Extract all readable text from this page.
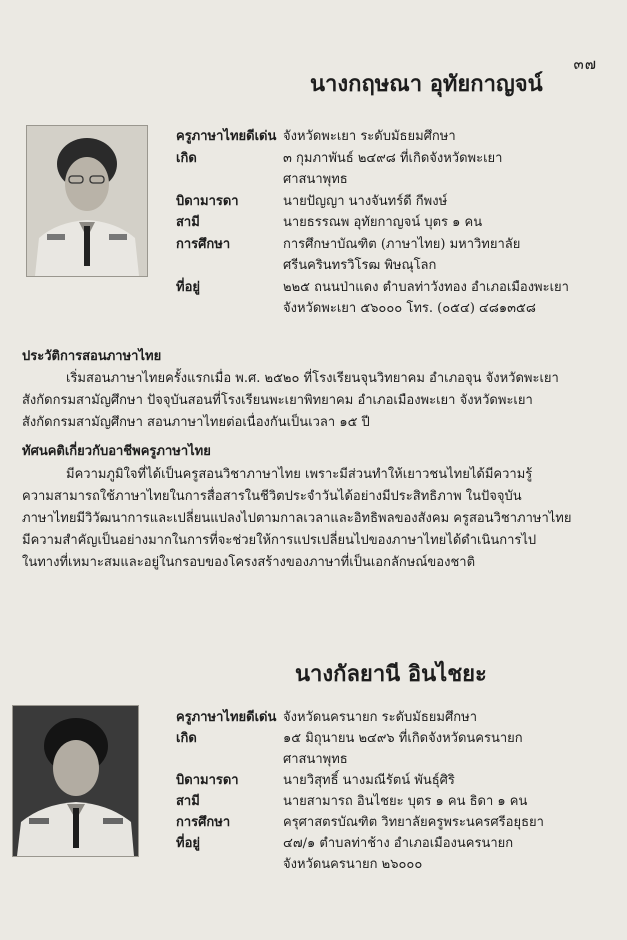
๓๗
นางกฤษณา อุทัยกาญจน์
ครูภาษาไทยดีเด่น จังหวัดพะเยา ระดับมัธยมศึกษา
เกิด	๓ กุมภาพันธ์ ๒๔๙๘ ที่เกิดจังหวัดพะเยา
ศาสนาพุทธ
บิดามารดา	นายปัญญา นางจันทร์ดี กีพงษ์
สามี	นายธรรณพ อุทัยกาญจน์ บุตร ๑ คน
การศึกษา	การศึกษาบัณฑิต (ภาษาไทย) มหาวิทยาลัย
ศรีนครินทรวิโรฒ พิษณุโลก
ที่อยู่	๒๒๕ ถนนป่าแดง ตำบลท่าวังทอง อำเภอเมืองพะเยา
จังหวัดพะเยา ๕๖๐๐๐ โทร. (๐๕๔) ๔๘๑๓๕๘
ประวัติการสอนภาษาไทย

เริ่มสอนภาษาไทยครั้งแรกเมื่อ พ.ศ. ๒๕๒๐ ที่โรงเรียนจุนวิทยาคม อำเภอจุน จังหวัดพะเยา

สังกัดกรมสามัญศึกษา ปัจจุบันสอนที่โรงเรียนพะเยาพิทยาคม อำเภอเมืองพะเยา จังหวัดพะเยา

สังกัดกรมสามัญศึกษา สอนภาษาไทยต่อเนื่องกันเป็นเวลา ๑๕ ปี

ทัศนคติเกี่ยวกับอาชีพครูภาษาไทย

มีความภูมิใจที่ได้เป็นครูสอนวิชาภาษาไทย เพราะมีส่วนทำให้เยาวชนไทยได้มีความรู้

ความสามารถใช้ภาษาไทยในการสื่อสารในชีวิตประจำวันได้อย่างมีประสิทธิภาพ ในปัจจุบัน

ภาษาไทยมีวิวัฒนาการและเปลี่ยนแปลงไปตามกาลเวลาและอิทธิพลของสังคม ครูสอนวิชาภาษาไทย

มีความสำคัญเป็นอย่างมากในการที่จะช่วยให้การแปรเปลี่ยนไปของภาษาไทยได้ดำเนินการไป

ในทางที่เหมาะสมและอยู่ในกรอบของโครงสร้างของภาษาที่เป็นเอกลักษณ์ของชาติ

นางกัลยานี อินไชยะ
ครูภาษาไทยดีเด่น จังหวัดนครนายก ระดับมัธยมศึกษา
เกิด	๑๕ มิถุนายน ๒๔๙๖ ที่เกิดจังหวัดนครนายก
ศาสนาพุทธ
บิดามารดา	นายวิสุทธิ์ นางมณีรัตน์ พันธุ์ศิริ
สามี	นายสามารถ อินไชยะ บุตร ๑ คน ธิดา ๑ คน
การศึกษา	ครุศาสตรบัณฑิต วิทยาลัยครูพระนครศรีอยุธยา
ที่อยู่	๔๗/๑ ตำบลท่าช้าง อำเภอเมืองนครนายก
จังหวัดนครนายก ๒๖๐๐๐
